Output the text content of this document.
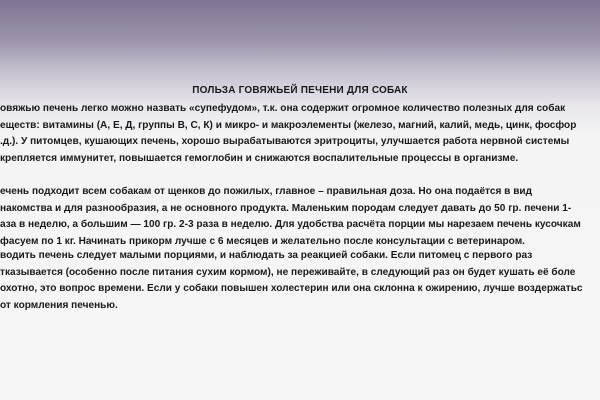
ПОЛЬЗА ГОВЯЖЬЕЙ ПЕЧЕНИ ДЛЯ СОБАК
овяжью печень легко можно назвать «супефудом», т.к. она содержит огромное количество полезных для собак
еществ: витамины (А, Е, Д, группы В, С, К) и микро- и макроэлементы (железо, магний, калий, медь, цинк, фосфор
.д.). У питомцев, кушающих печень, хорошо вырабатываются эритроциты, улучшается работа нервной системы
крепляется иммунитет, повышается гемоглобин и снижаются воспалительные процессы в организме.
ечень подходит всем собакам от щенков до пожилых, главное – правильная доза. Но она подаётся в вид
накомства и для разнообразия, а не основного продукта. Маленьким породам следует давать до 50 гр. печени 1-
аза в неделю, а большим — 100 гр. 2-3 раза в неделю. Для удобства расчёта порции мы нарезаем печень кусочкам
фасуем по 1 кг. Начинать прикорм лучше с 6 месяцев и желательно после консультации с ветеринаром.
водить печень следует малыми порциями, и наблюдать за реакцией собаки. Если питомец с первого раз
тказывается (особенно после питания сухим кормом), не переживайте, в следующий раз он будет кушать её боле
охотно, это вопрос времени. Если у собаки повышен холестерин или она склонна к ожирению, лучше воздержатьс
от кормления печенью.
